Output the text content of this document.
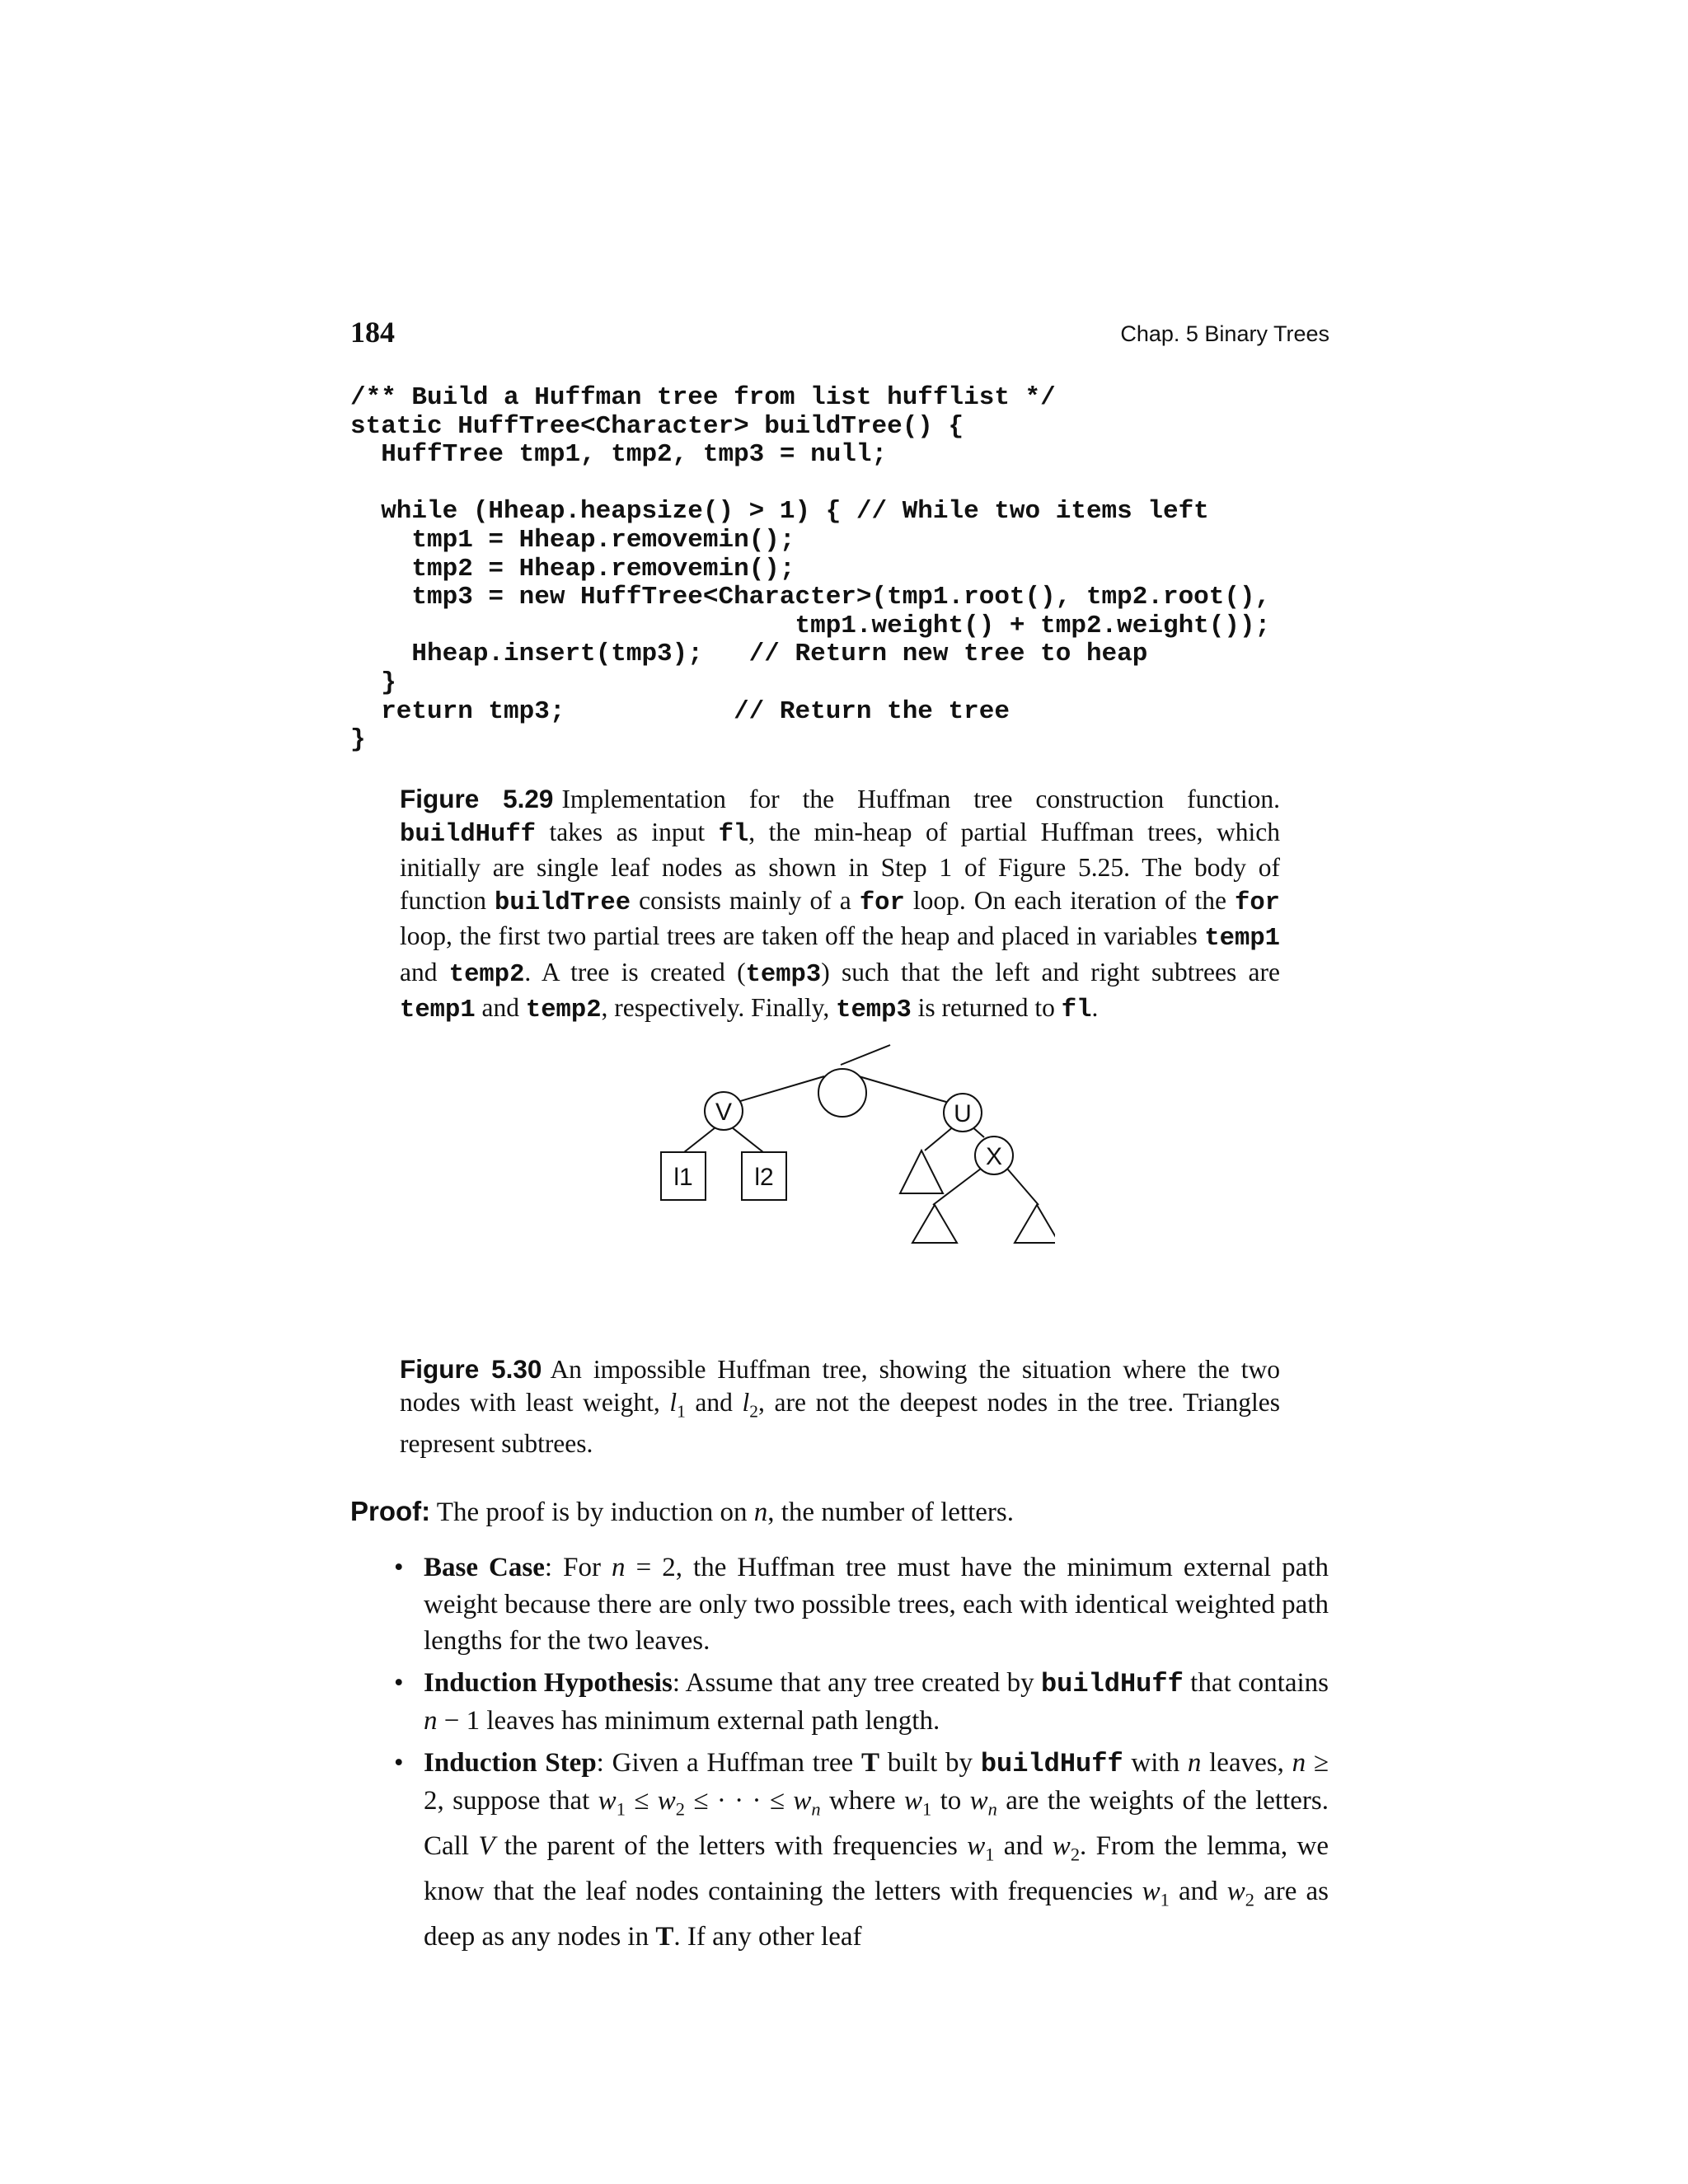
184	Chap. 5 Binary Trees
/** Build a Huffman tree from list hufflist */
static HuffTree<Character> buildTree() {
HuffTree tmp1, tmp2, tmp3 = null;

while (Hheap.heapsize() > 1) { // While two items left
tmp1 = Hheap.removemin();
tmp2 = Hheap.removemin();
tmp3 = new HuffTree<Character>(tmp1.root(), tmp2.root(),
tmp1.weight() + tmp2.weight());
Hheap.insert(tmp3);   // Return new tree to heap
}
return tmp3;           // Return the tree
}

Figure 5.29 Implementation for the Huffman tree construction function. buildHuff takes as input fl, the min-heap of partial Huffman trees, which initially are single leaf nodes as shown in Step 1 of Figure 5.25. The body of function buildTree consists mainly of a for loop. On each iteration of the for loop, the first two partial trees are taken off the heap and placed in variables temp1 and temp2. A tree is created (temp3) such that the left and right subtrees are temp1 and temp2, respectively. Finally, temp3 is returned to fl.

V	U
X
l1 l2

Figure 5.30 An impossible Huffman tree, showing the situation where the two nodes with least weight, $l_1$ and $l_2$, are not the deepest nodes in the tree. Triangles represent subtrees.

Proof: The proof is by induction on n, the number of letters.

• Base Case: For n = 2, the Huffman tree must have the minimum external path weight because there are only two possible trees, each with identical weighted path lengths for the two leaves.
• Induction Hypothesis: Assume that any tree created by buildHuff that contains n − 1 leaves has minimum external path length.
• Induction Step: Given a Huffman tree T built by buildHuff with n leaves, n ≥ 2, suppose that $w_1 \le w_2$ ≤ · · · ≤ $w_n$ where $w_1$ to $w_n$ are the weights of the letters. Call V the parent of the letters with frequencies $w_1$ and $w_2$. From the lemma, we know that the leaf nodes containing the letters with frequencies $w_1$ and $w_2$ are as deep as any nodes in T. If any other leaf
